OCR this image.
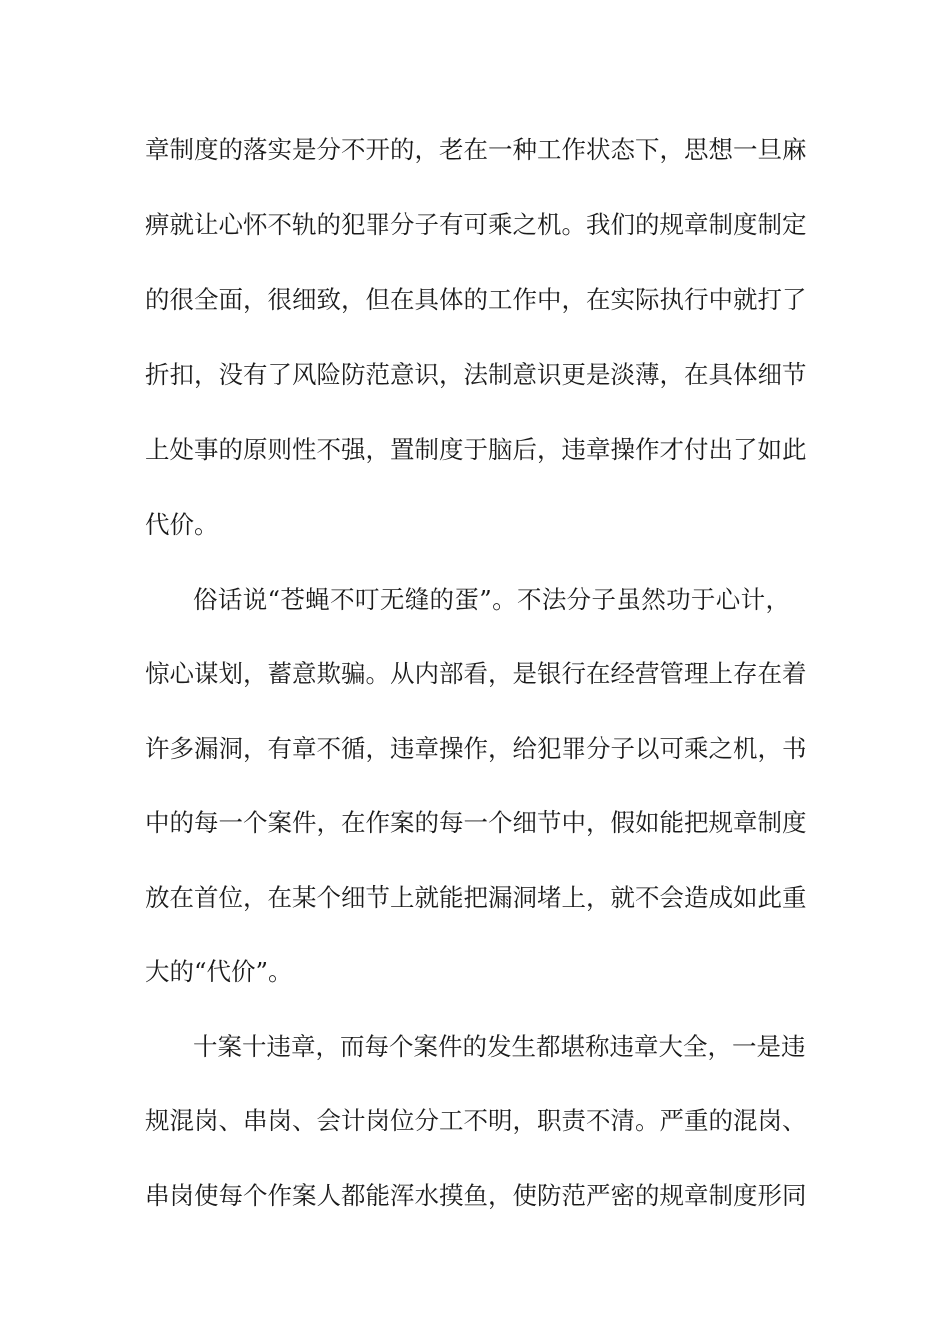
章制度的落实是分不开的，老在一种工作状态下，思想一旦麻
痹就让心怀不轨的犯罪分子有可乘之机。我们的规章制度制定
的很全面，很细致，但在具体的工作中，在实际执行中就打了
折扣，没有了风险防范意识，法制意识更是淡薄，在具体细节
上处事的原则性不强，置制度于脑后，违章操作才付出了如此
代价。
俗话说“苍蝇不叮无缝的蛋”。不法分子虽然功于心计，
惊心谋划，蓄意欺骗。从内部看，是银行在经营管理上存在着
许多漏洞，有章不循，违章操作，给犯罪分子以可乘之机，书
中的每一个案件，在作案的每一个细节中，假如能把规章制度
放在首位，在某个细节上就能把漏洞堵上，就不会造成如此重
大的“代价”。
十案十违章，而每个案件的发生都堪称违章大全，一是违
规混岗、串岗、会计岗位分工不明，职责不清。严重的混岗、
串岗使每个作案人都能浑水摸鱼，使防范严密的规章制度形同
